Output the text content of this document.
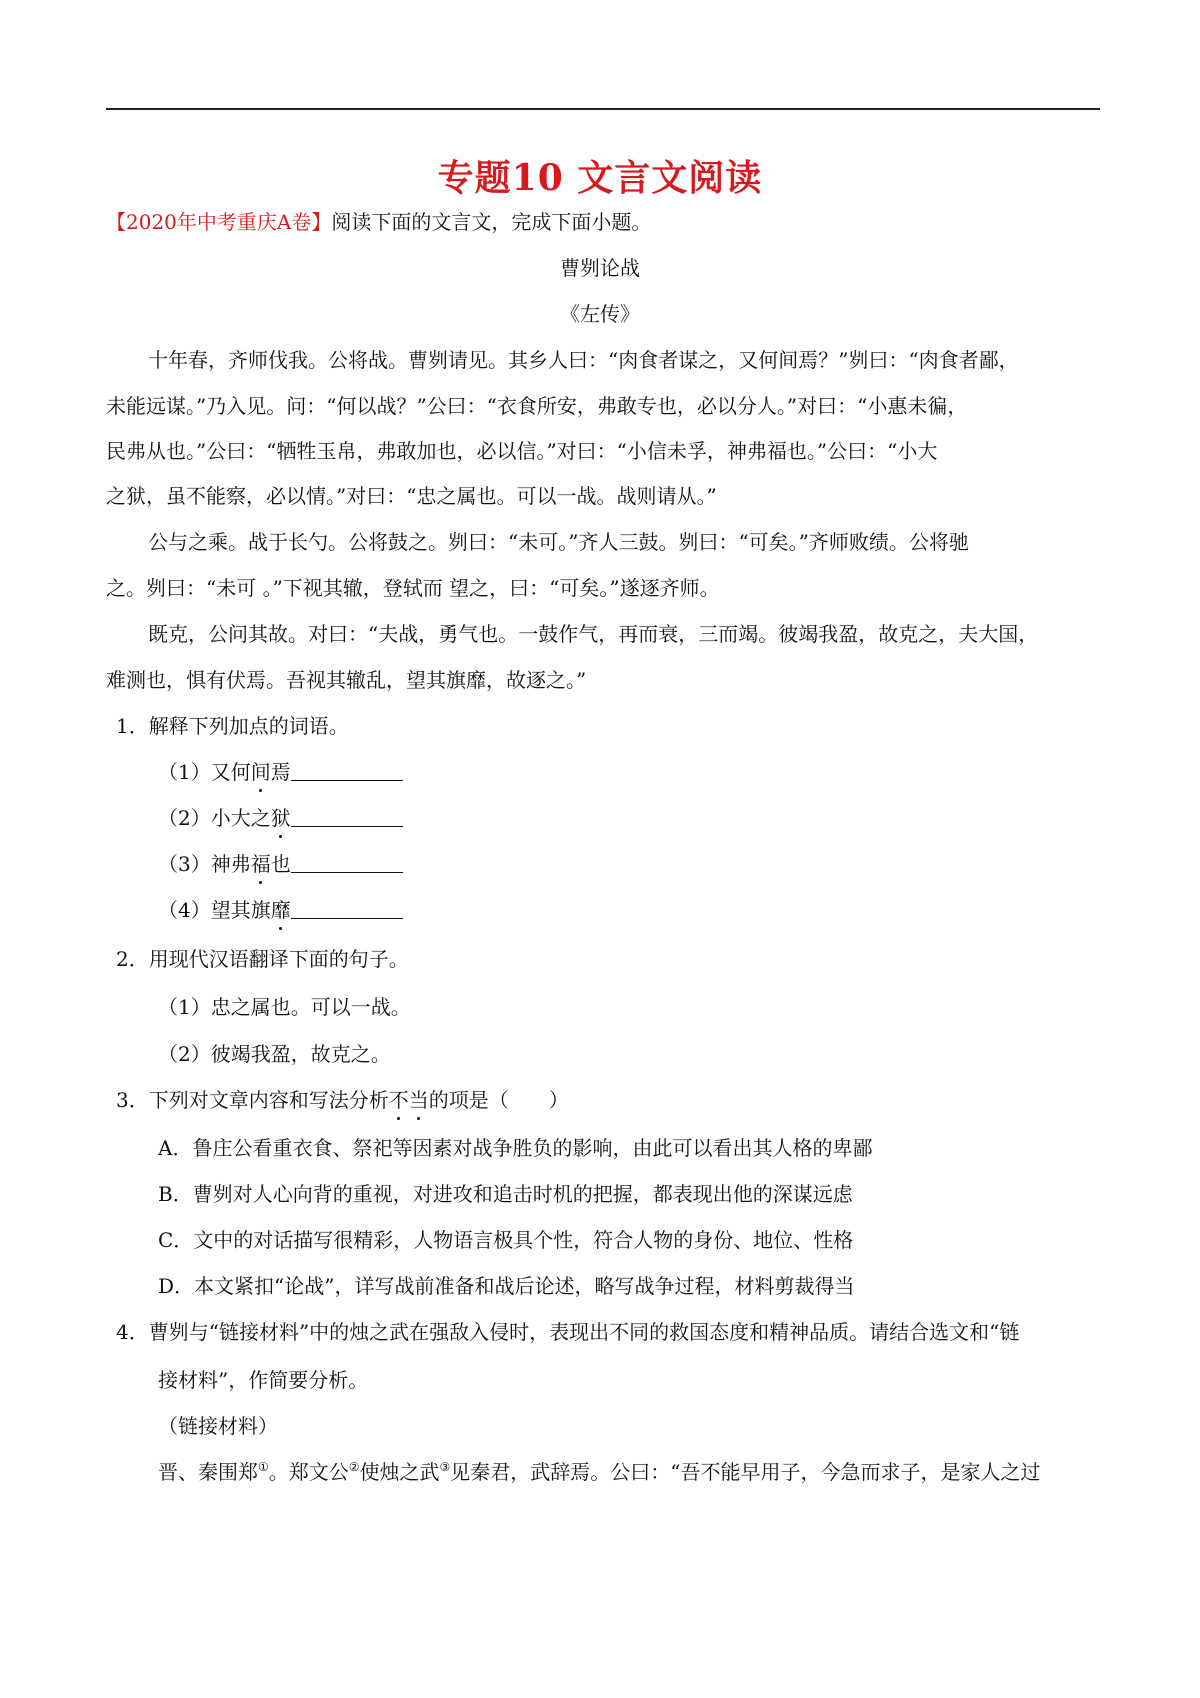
专题10 文言文阅读
【2020年中考重庆A卷】阅读下面的文言文，完成下面小题。
曹刿论战
《左传》
十年春，齐师伐我。公将战。曹刿请见。其乡人曰：“肉食者谋之，又何间焉？”刿曰：“肉食者鄙，
未能远谋。”乃入见。问：“何以战？”公曰：“衣食所安，弗敢专也，必以分人。”对曰：“小惠未徧，
民弗从也。”公曰：“牺牲玉帛，弗敢加也，必以信。”对曰：“小信未孚，神弗福也。”公曰：“小大
之狱，虽不能察，必以情。”对曰：“忠之属也。可以一战。战则请从。”
公与之乘。战于长勺。公将鼓之。刿曰：“未可。”齐人三鼓。刿曰：“可矣。”齐师败绩。公将驰
之。刿曰：“未可 。”下视其辙，登轼而 望之，曰：“可矣。”遂逐齐师。
既克，公问其故。对曰：“夫战，勇气也。一鼓作气，再而衰，三而竭。彼竭我盈，故克之，夫大国，
难测也，惧有伏焉。吾视其辙乱，望其旗靡，故逐之。”
1．解释下列加点的词语。
（1）又何间焉
（2）小大之狱
（3）神弗福也
（4）望其旗靡
2．用现代汉语翻译下面的句子。
（1）忠之属也。可以一战。
（2）彼竭我盈，故克之。
3．下列对文章内容和写法分析不当的项是（　　）
A．鲁庄公看重衣食、祭祀等因素对战争胜负的影响，由此可以看出其人格的卑鄙
B．曹刿对人心向背的重视，对进攻和追击时机的把握，都表现出他的深谋远虑
C．文中的对话描写很精彩，人物语言极具个性，符合人物的身份、地位、性格
D．本文紧扣“论战”，详写战前准备和战后论述，略写战争过程，材料剪裁得当
4．曹刿与“链接材料”中的烛之武在强敌入侵时，表现出不同的救国态度和精神品质。请结合选文和“链
接材料”，作简要分析。
（链接材料）
晋、秦围郑①。郑文公②使烛之武③见秦君，武辞焉。公曰：“吾不能早用子，今急而求子，是家人之过
